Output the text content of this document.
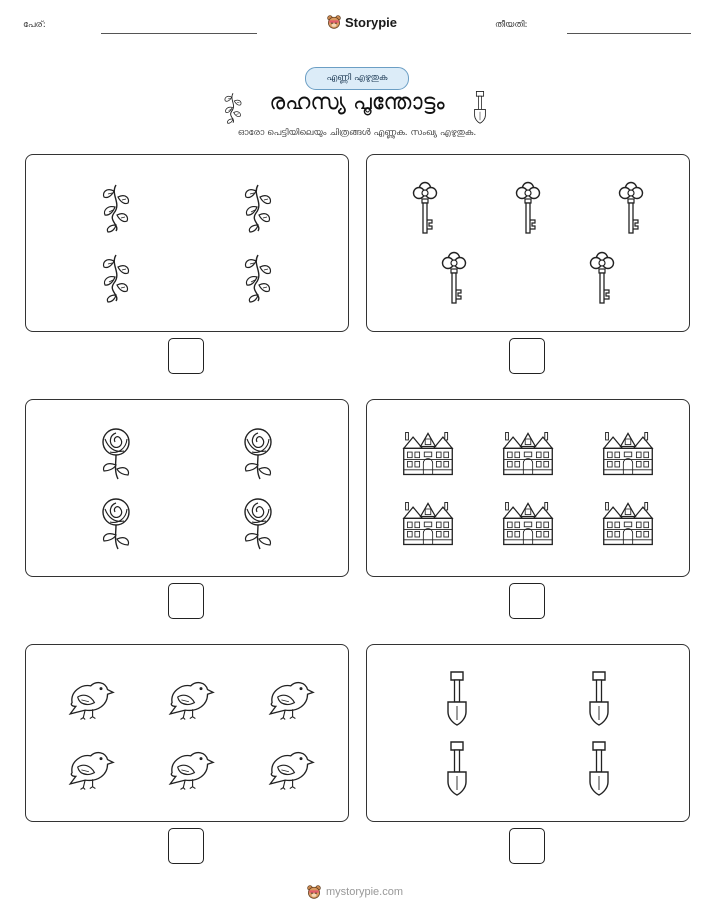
പേര്:	Storypie	തീയതി:
എണ്ണി എഴുതുക
രഹസ്യ പൂന്തോട്ടം
ഓരോ പെട്ടിയിലെയും ചിത്രങ്ങൾ എണ്ണുക. സംഖ്യ എഴുതുക.
mystorypie.com
